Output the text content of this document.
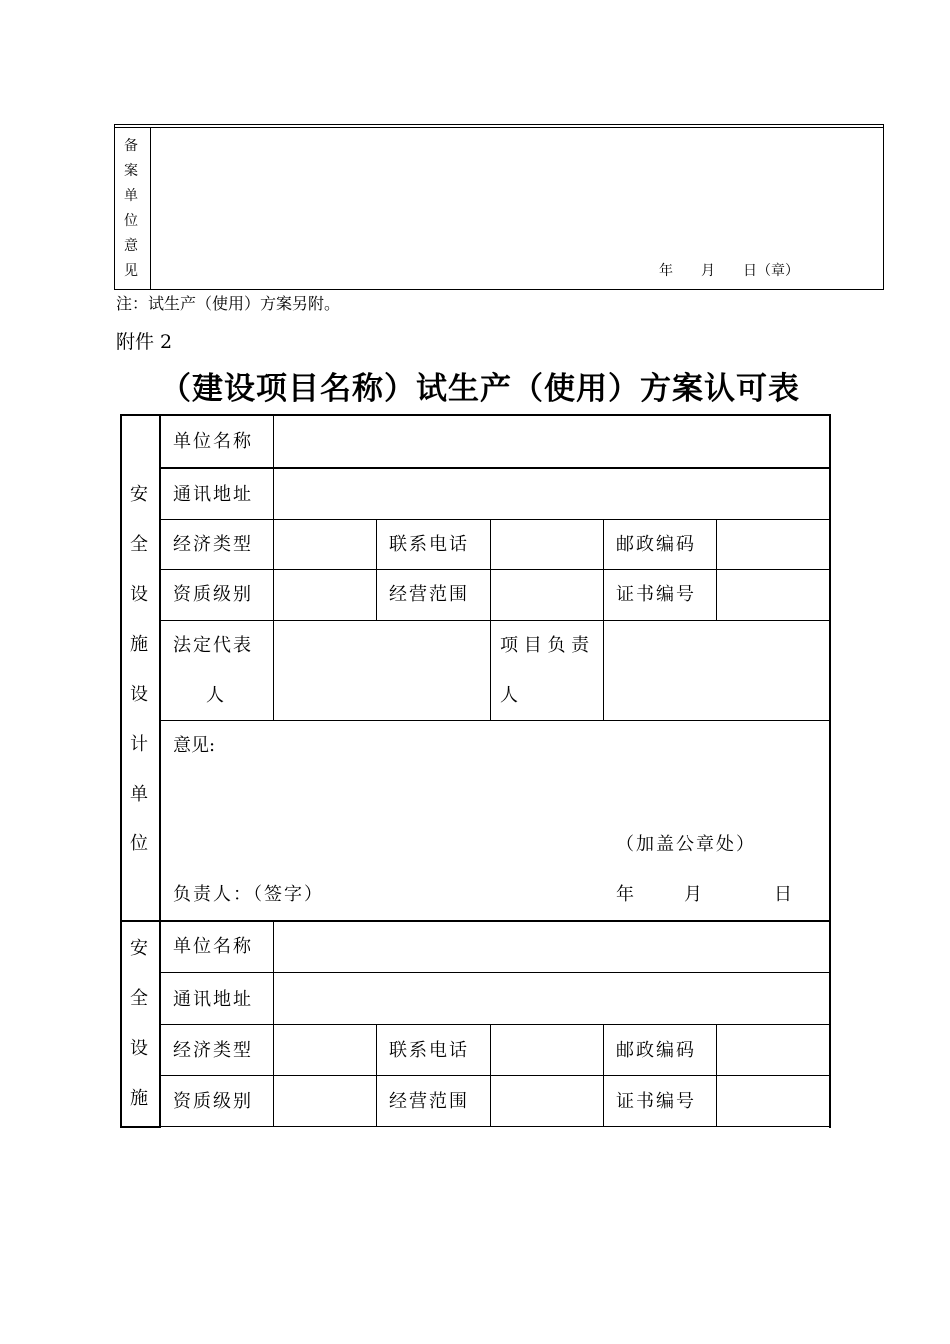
备
案
单
位
意
见	年　　月　　日（章）
注：试生产（使用）方案另附。
附件 2
（建设项目名称）试生产（使用）方案认可表
安
全
设
施
设
计
单
位
单位名称
通讯地址
经济类型	联系电话	邮政编码
资质级别	经营范围	证书编号
法定代表
人
项 目 负 责
人
意见:
（加盖公章处）
负责人：（签字）	年	月	日
安
全
设
施
单位名称
通讯地址
经济类型	联系电话	邮政编码
资质级别	经营范围	证书编号
